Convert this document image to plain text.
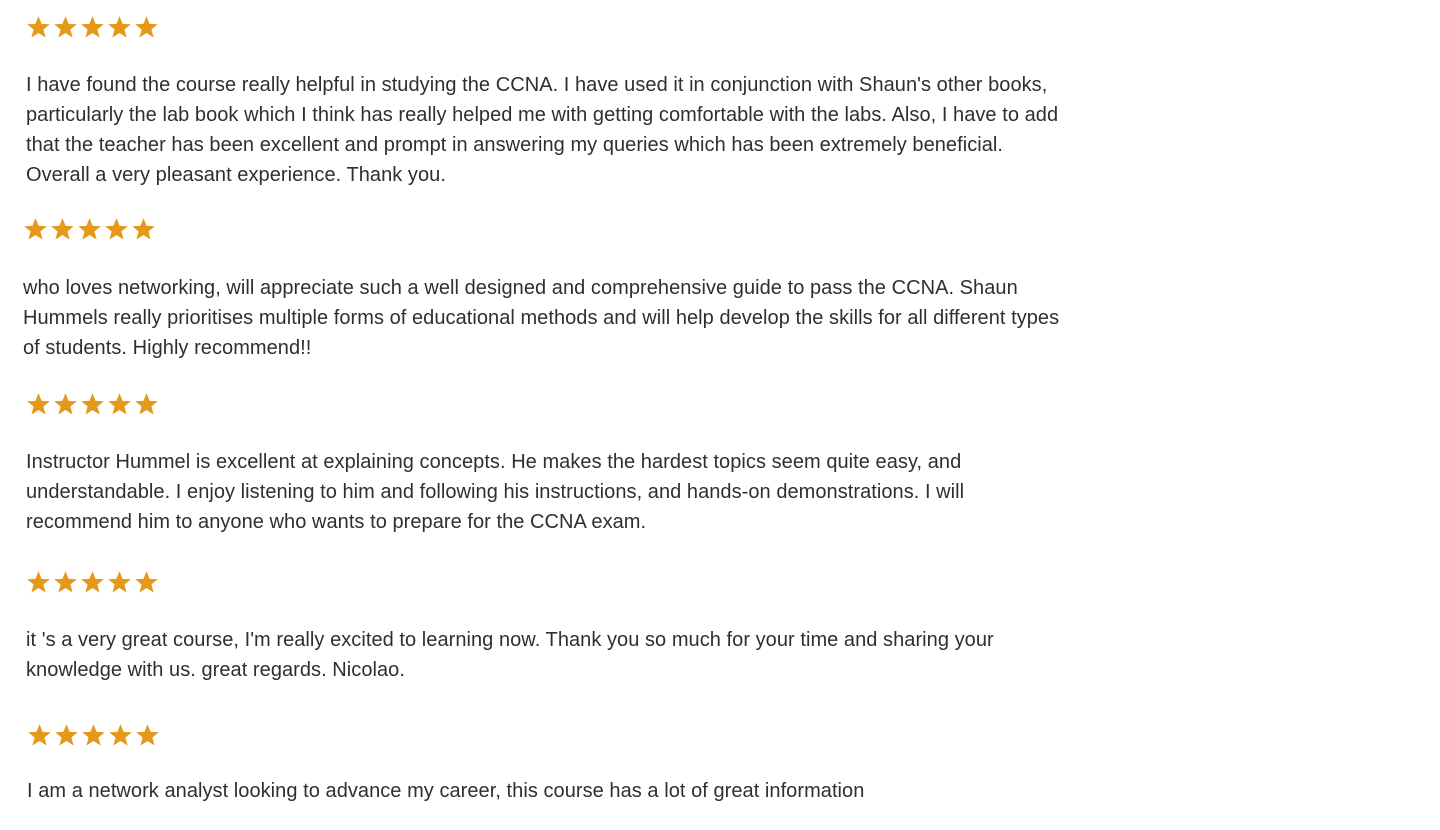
I have found the course really helpful in studying the CCNA. I have used it in conjunction with Shaun's other books, particularly the lab book which I think has really helped me with getting comfortable with the labs. Also, I have to add that the teacher has been excellent and prompt in answering my queries which has been extremely beneficial. Overall a very pleasant experience. Thank you.

who loves networking, will appreciate such a well designed and comprehensive guide to pass the CCNA. Shaun Hummels really prioritises multiple forms of educational methods and will help develop the skills for all different types of students. Highly recommend!!

Instructor Hummel is excellent at explaining concepts. He makes the hardest topics seem quite easy, and understandable. I enjoy listening to him and following his instructions, and hands-on demonstrations. I will recommend him to anyone who wants to prepare for the CCNA exam.

it 's a very great course, I'm really excited to learning now. Thank you so much for your time and sharing your knowledge with us. great regards. Nicolao.

I am a network analyst looking to advance my career, this course has a lot of great information
